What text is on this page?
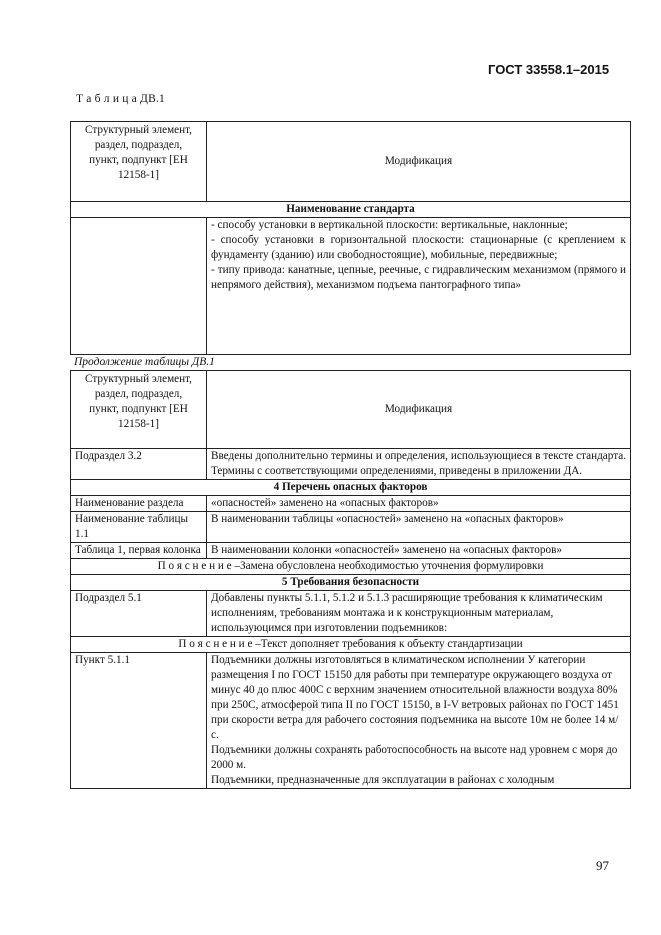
ГОСТ 33558.1–2015
Т а б л и ц а ДВ.1
Структурный элемент, раздел, подраздел, пункт, подпункт [ЕН 12158-1]	Модификация
Наименование стандарта	

	- способу установки в вертикальной плоскости: вертикальные, наклонные;
- способу установки в горизонтальной плоскости: стационарные (с креплением к фундаменту (зданию) или свободностоящие), мобильные, передвижные;
- типу привода: канатные, цепные, реечные, с гидравлическим механизмом (прямого и непрямого действия), механизмом подъема пантографного типа»
Продолжение таблицы ДВ.1
Структурный элемент, раздел, подраздел, пункт, подпункт [ЕН 12158-1]	Модификация
Подраздел 3.2	Введены дополнительно термины и определения, использующиеся в тексте стандарта. Термины с соответствующими определениями, приведены в приложении ДА.
4 Перечень опасных факторов	
Наименование раздела	«опасностей» заменено на «опасных факторов»
Наименование таблицы 1.1	В наименовании таблицы «опасностей» заменено на «опасных факторов»
Таблица 1, первая колонка	В наименовании колонки «опасностей» заменено на «опасных факторов»
П о я с н е н и е –Замена обусловлена необходимостью уточнения формулировки	
5 Требования безопасности	
Подраздел 5.1	Добавлены пункты 5.1.1, 5.1.2 и 5.1.3 расширяющие требования к климатическим исполнениям, требованиям монтажа и к конструкционным материалам, используюцимся при изготовлении подъемников:
П о я с н е н и е –Текст дополняет требования к объекту стандартизации	
Пункт 5.1.1	Подъемники должны изготовляться в климатическом исполнении У категории размещения I по ГОСТ 15150 для работы при температуре окружающего воздуха от минус 40 до плюс 400С с верхним значением относительной влажности воздуха 80% при 250С, атмосферой типа II по ГОСТ 15150, в I-V ветровых районах по ГОСТ 1451 при скорости ветра для рабочего состояния подъемника на высоте 10м не более 14 м/с.
Подъемники должны сохранять работоспособность на высоте над уровнем с моря до 2000 м.
Подъемники, предназначенные для эксплуатации в районах с холодным
97
